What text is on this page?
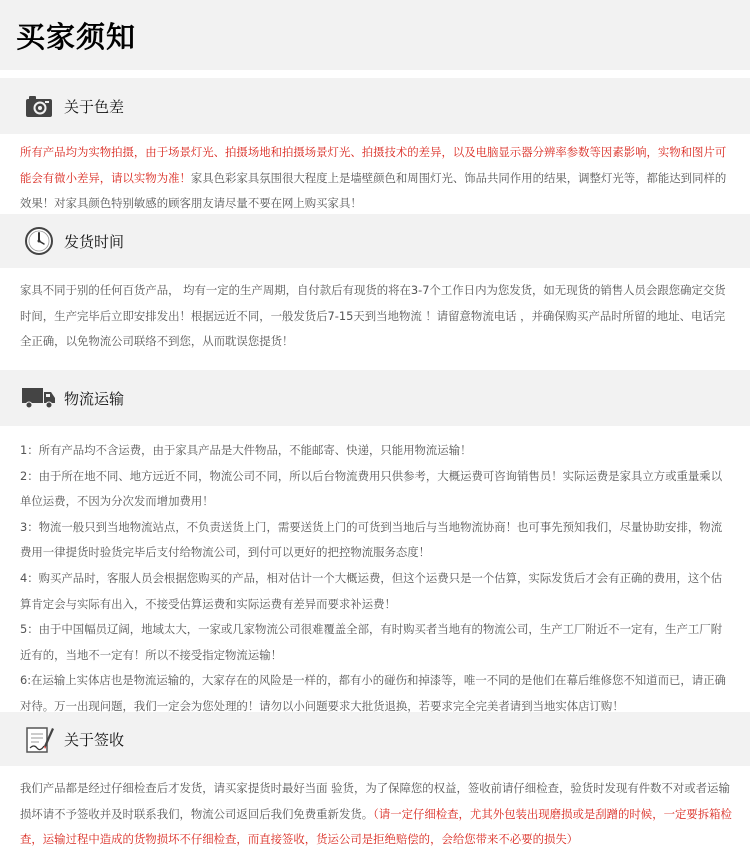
买家须知
关于色差

所有产品均为实物拍摄，由于场景灯光、拍摄场地和拍摄场景灯光、拍摄技术的差异，以及电脑显示器分辨率参数等因素影响，实物和图片可能会有微小差异，请以实物为准！家具色彩家具氛围很大程度上是墙壁颜色和周围灯光、饰品共同作用的结果，调整灯光等，都能达到同样的效果！对家具颜色特别敏感的顾客朋友请尽量不要在网上购买家具！

发货时间

家具不同于别的任何百货产品， 均有一定的生产周期，自付款后有现货的将在3-7个工作日内为您发货，如无现货的销售人员会跟您确定交货时间，生产完毕后立即安排发出！根据远近不同，一般发货后7-15天到当地物流 ！请留意物流电话 ，并确保购买产品时所留的地址、电话完全正确，以免物流公司联络不到您，从而耽误您提货！

物流运输

1：所有产品均不含运费，由于家具产品是大件物品，不能邮寄、快递，只能用物流运输！

2：由于所在地不同、地方远近不同，物流公司不同，所以后台物流费用只供参考，大概运费可咨询销售员！实际运费是家具立方或重量乘以单位运费，不因为分次发而增加费用！

3：物流一般只到当地物流站点，不负责送货上门，需要送货上门的可货到当地后与当地物流协商！也可事先预知我们，尽量协助安排，物流费用一律提货时验货完毕后支付给物流公司，到付可以更好的把控物流服务态度！

4：购买产品时，客服人员会根据您购买的产品，相对估计一个大概运费，但这个运费只是一个估算，实际发货后才会有正确的费用，这个估算肯定会与实际有出入，不接受估算运费和实际运费有差异而要求补运费！

5：由于中国幅员辽阔，地域太大，一家或几家物流公司很难覆盖全部，有时购买者当地有的物流公司，生产工厂附近不一定有，生产工厂附近有的，当地不一定有！所以不接受指定物流运输！

6:在运输上实体店也是物流运输的，大家存在的风险是一样的，都有小的碰伤和掉漆等，唯一不同的是他们在幕后维修您不知道而已，请正确对待。万一出现问题，我们一定会为您处理的！请勿以小问题要求大批货退换，若要求完全完美者请到当地实体店订购！

关于签收

我们产品都是经过仔细检查后才发货，请买家提货时最好当面 验货，为了保障您的权益，签收前请仔细检查，验货时发现有件数不对或者运输损坏请不予签收并及时联系我们，物流公司返回后我们免费重新发货。（请一定仔细检查，尤其外包装出现磨损或是刮蹭的时候，一定要拆箱检查，运输过程中造成的货物损坏不仔细检查，而直接签收，货运公司是拒绝赔偿的，会给您带来不必要的损失）
